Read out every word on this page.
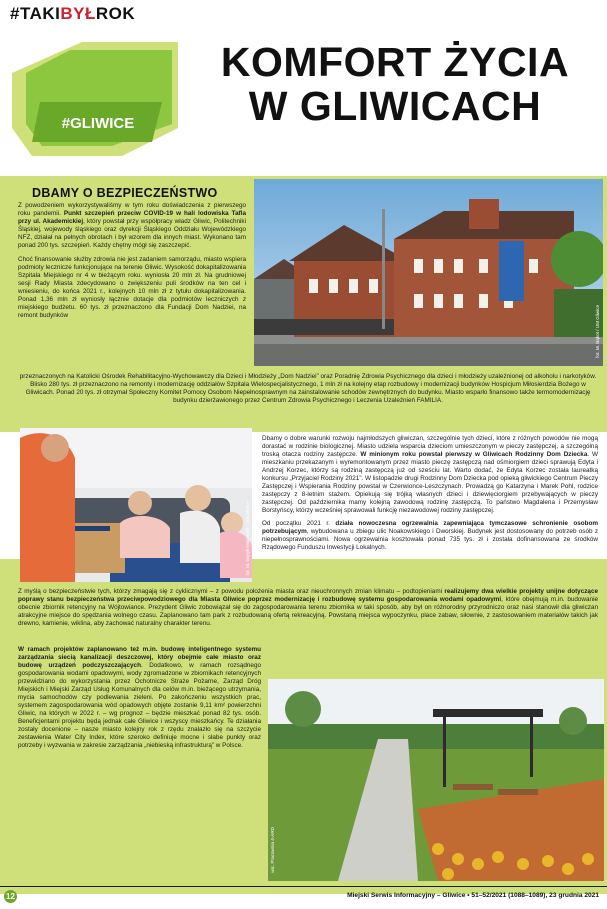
#TAKIBYŁROK
#GLIWICE
KOMFORT ŻYCIA
W GLIWICACH
DBAMY O BEZPIECZEŃSTWO

Z powodzeniem wykorzystywaliśmy w tym roku doświadczenia z pierwszego roku pandemii. Punkt szczepień przeciw COVID-19 w hali lodowiska Tafla przy ul. Akademickiej, który powstał przy współpracy władz Gliwic, Politechniki Śląskiej, wojewody śląskiego oraz dyrekcji Śląskiego Oddziału Wojewódzkiego NFZ, działał na pełnych obrotach i był wzorem dla innych miast. Wykonano tam ponad 200 tys. szczepień. Każdy chętny mógł się zaszczepić.

Choć finansowanie służby zdrowia nie jest zadaniem samorządu, miasto wspiera podmioty lecznicze funkcjonujące na terenie Gliwic. Wysokość dokapitalizowania Szpitala Miejskiego nr 4 w bieżącym roku. wyniosła 20 mln zł. Na grudniowej sesji Rady Miasta zdecydowano o zwiększeniu puli środków na ten cel i wniesieniu, do końca 2021 r., kolejnych 10 mln zł z tytułu dokapitalizowania. Ponad 1,36 mln zł wyniosły łącznie dotacje dla podmiotów leczniczych z miejskiego budżetu. 60 tys. zł przeznaczono dla Fundacji Dom Nadziei, na remont budynków	fot. M. Bąkot / UM Gliwice

przeznaczonych na Katolicki Ośrodek Rehabilitacyjno-Wychowawczy dla Dzieci i Młodzieży „Dom Nadziei” oraz Poradnię Zdrowia Psychicznego dla dzieci i młodzieży uzależnionej od alkoholu i narkotyków. Blisko 280 tys. zł przeznaczono na remonty i modernizację oddziałów Szpitala Wielospecjalistycznego, 1 mln zł na kolejny etap rozbudowy i modernizacji budynków Hospicjum Miłosierdzia Bożego w Gliwicach. Ponad 20 tys. zł otrzymał Społeczny Komitet Pomocy Osobom Niepełnosprawnym na zainstalowanie schodów zewnętrznych do budynku. Miasto wsparło finansowo także termomodernizację budynku dzierżawionego przez Centrum Zdrowia Psychicznego i Leczenia Uzależnień FAMILIA.

fot. M. Gęcyk-Majewski / UM Gliwice

Dbamy o dobre warunki rozwoju najmłodszych gliwiczan, szczególnie tych dzieci, które z różnych powodów nie mogą dorastać w rodzinie biologicznej. Miasto udziela wsparcia dzieciom umieszczonym w pieczy zastępczej, a szczególną troską otacza rodziny zastępcze. W minionym roku powstał pierwszy w Gliwicach Rodzinny Dom Dziecka. W mieszkaniu przekazanym i wyremontowanym przez miasto pieczę zastępczą nad ośmiorgiem dzieci sprawują Edyta i Andrzej Korzec, którzy są rodziną zastępczą już od sześciu lat. Warto dodać, że Edyta Korzec została laureatką konkursu „Przyjaciel Rodziny 2021”. W listopadzie drugi Rodzinny Dom Dziecka pod opieką gliwickiego Centrum Pieczy Zastępczej i Wspierania Rodziny powstał w Czerwionce-Leszczynach. Prowadzą go Katarzyna i Marek Pohl, rodzice zastępczy z 8-letnim stażem. Opiekują się trójką własnych dzieci i dziewięciorgiem przebywających w pieczy zastępczej. Od października mamy kolejną zawodową rodzinę zastępczą. To państwo Magdalena i Przemysław Borstyńscy, którzy wcześniej sprawowali funkcję niezawodowej rodziny zastępczej.

Od początku 2021 r. działa nowoczesna ogrzewalnia zapewniająca tymczasowe schronienie osobom potrzebującym, wybudowana u zbiegu ulic Noakowskiego i Dworskiej. Budynek jest dostosowany do potrzeb osób z niepełnosprawnościami. Nowa ogrzewalnia kosztowała ponad 735 tys. zł i została dofinansowana ze środków Rządowego Funduszu Inwestycji Lokalnych.

Z myślą o bezpieczeństwie tych, którzy zmagają się z cyklicznymi – z powodu położenia miasta oraz nieuchronnych zmian klimatu – podtopieniami realizujemy dwa wielkie projekty unijne dotyczące poprawy stanu bezpieczeństwa przeciwpowodziowego dla Miasta Gliwice poprzez modernizację i rozbudowę systemu gospodarowania wodami opadowymi, które obejmują m.in. budowanie obecnie zbiornik retencyjny na Wójtowiance. Prezydent Gliwic zobowiązał się do zagospodarowania terenu zbiornika w taki sposób, aby był on różnorodny przyrodniczo oraz nasi stanowił dla gliwiczan atrakcyjne miejsce do spędzania wolnego czasu. Zaplanowano tam park z rozbudowaną ofertą rekreacyjną. Powstaną miejsca wypoczynku, place zabaw, siłownie, z zastosowaniem materiałów takich jak drewno, kamienie, wiklina, aby zachować naturalny charakter terenu.

wiz. Pracownia 4-ARD

W ramach projektów zaplanowano też m.in. budowę inteligentnego systemu zarządzania siecią kanalizacji deszczowej, który obejmie całe miasto oraz budowę urządzeń podczyszczających. Dodatkowo, w ramach rozsądnego gospodarowania wodami opadowymi, wody zgromadzone w zbiornikach retencyjnych przewidziano do wykorzystania przez Ochotnicze Straże Pożarne, Zarząd Dróg Miejskich i Miejski Zarząd Usług Komunalnych dla celów m.in. bieżącego utrzymania, mycia samochodów czy podlewania zieleni. Po zakończeniu wszystkich prac, systemem zagospodarowania wód opadowych objęte zostanie 9,11 km² powierzchni Gliwic, na których w 2022 r. – wg prognoz – będzie mieszkać ponad 82 tys. osób. Beneficjentami projektu będą jednak całe Gliwice i wszyscy mieszkańcy. Te działania zostały docenione – nasze miasto kolejny rok z rzędu znalazło się na szczycie zestawienia Water City Index, które szeroko definiuje mocne i słabe punkty oraz potrzeby i wyzwania w zakresie zarządzania „niebieską infrastrukturą” w Polsce.

12	Miejski Serwis Informacyjny – Gliwice • 51–52/2021 (1088–1089), 23 grudnia 2021
